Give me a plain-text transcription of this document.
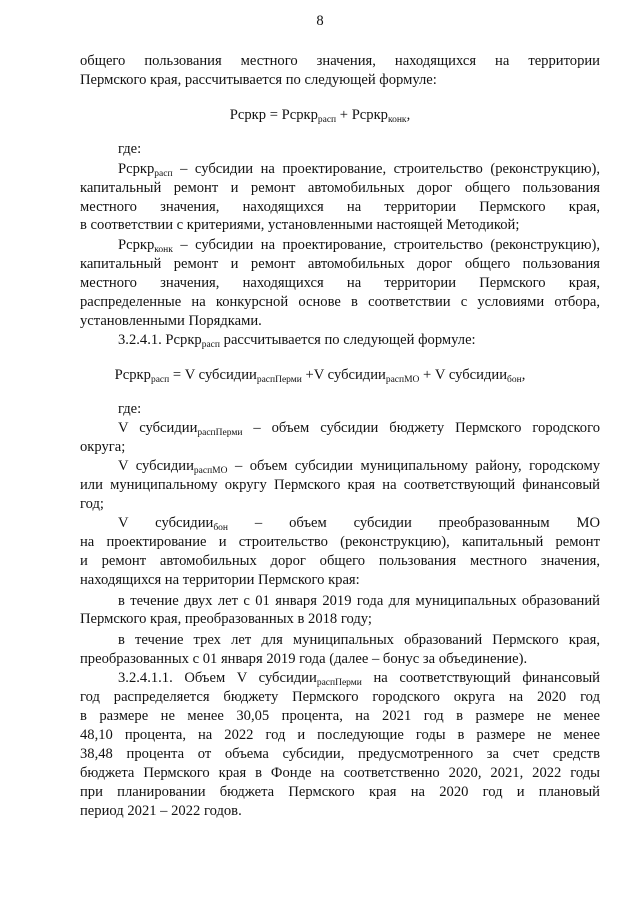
8
общего пользования местного значения, находящихся на территории
Пермского края, рассчитывается по следующей формуле:
Рсркр = Рсркр$_{расп}$ + Рсркр$_{конк}$,
где:
Рсркр$_{расп}$ – субсидии на проектирование, строительство (реконструкцию),
капитальный ремонт и ремонт автомобильных дорог общего пользования
местного значения, находящихся на территории Пермского края,
в соответствии с критериями, установленными настоящей Методикой;
Рсркр$_{конк}$ – субсидии на проектирование, строительство (реконструкцию),
капитальный ремонт и ремонт автомобильных дорог общего пользования
местного значения, находящихся на территории Пермского края,
распределенные на конкурсной основе в соответствии с условиями отбора,
установленными Порядками.
3.2.4.1. Рсркр$_{расп}$ рассчитывается по следующей формуле:
Рсркр$_{расп}$ = V субсидии$_{распПерми}$ +V субсидии$_{распМО}$ + V субсидии$_{бон}$,
где:
V субсидии$_{распПерми}$ – объем субсидии бюджету Пермского городского
округа;
V субсидии$_{распМО}$ – объем субсидии муниципальному району, городскому
или муниципальному округу Пермского края на соответствующий финансовый
год;
V субсидии$_{бон}$ – объем субсидии преобразованным МО
на проектирование и строительство (реконструкцию), капитальный ремонт
и ремонт автомобильных дорог общего пользования местного значения,
находящихся на территории Пермского края:
в течение двух лет с 01 января 2019 года для муниципальных образований
Пермского края, преобразованных в 2018 году;
в течение трех лет для муниципальных образований Пермского края,
преобразованных с 01 января 2019 года (далее – бонус за объединение).
3.2.4.1.1. Объем V субсидии$_{распПерми}$ на соответствующий финансовый
год распределяется бюджету Пермского городского округа на 2020 год
в размере не менее 30,05 процента, на 2021 год в размере не менее
48,10 процента, на 2022 год и последующие годы в размере не менее
38,48 процента от объема субсидии, предусмотренного за счет средств
бюджета Пермского края в Фонде на соответственно 2020, 2021, 2022 годы
при планировании бюджета Пермского края на 2020 год и плановый
период 2021 – 2022 годов.
